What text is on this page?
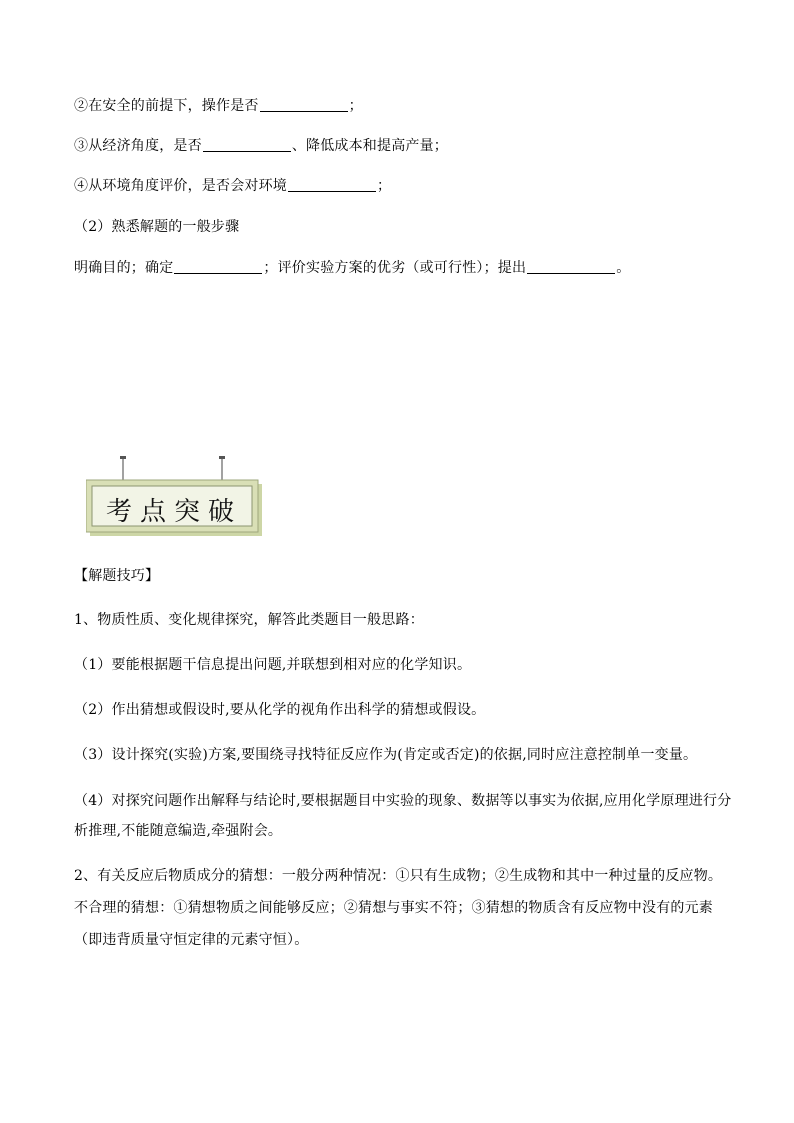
②在安全的前提下，操作是否	；
③从经济角度，是否	、降低成本和提高产量；
④从环境角度评价，是否会对环境	；
（2）熟悉解题的一般步骤
明确目的；确定	；评价实验方案的优劣（或可行性）；提出	。
考点突破
【解题技巧】
1、物质性质、变化规律探究，解答此类题目一般思路：
（1）要能根据题干信息提出问题,并联想到相对应的化学知识。
（2）作出猜想或假设时,要从化学的视角作出科学的猜想或假设。
（3）设计探究(实验)方案,要围绕寻找特征反应作为(肯定或否定)的依据,同时应注意控制单一变量。
（4）对探究问题作出解释与结论时,要根据题目中实验的现象、数据等以事实为依据,应用化学原理进行分
析推理,不能随意编造,牵强附会。
2、有关反应后物质成分的猜想：一般分两种情况：①只有生成物；②生成物和其中一种过量的反应物。
不合理的猜想：①猜想物质之间能够反应；②猜想与事实不符；③猜想的物质含有反应物中没有的元素
（即违背质量守恒定律的元素守恒）。
